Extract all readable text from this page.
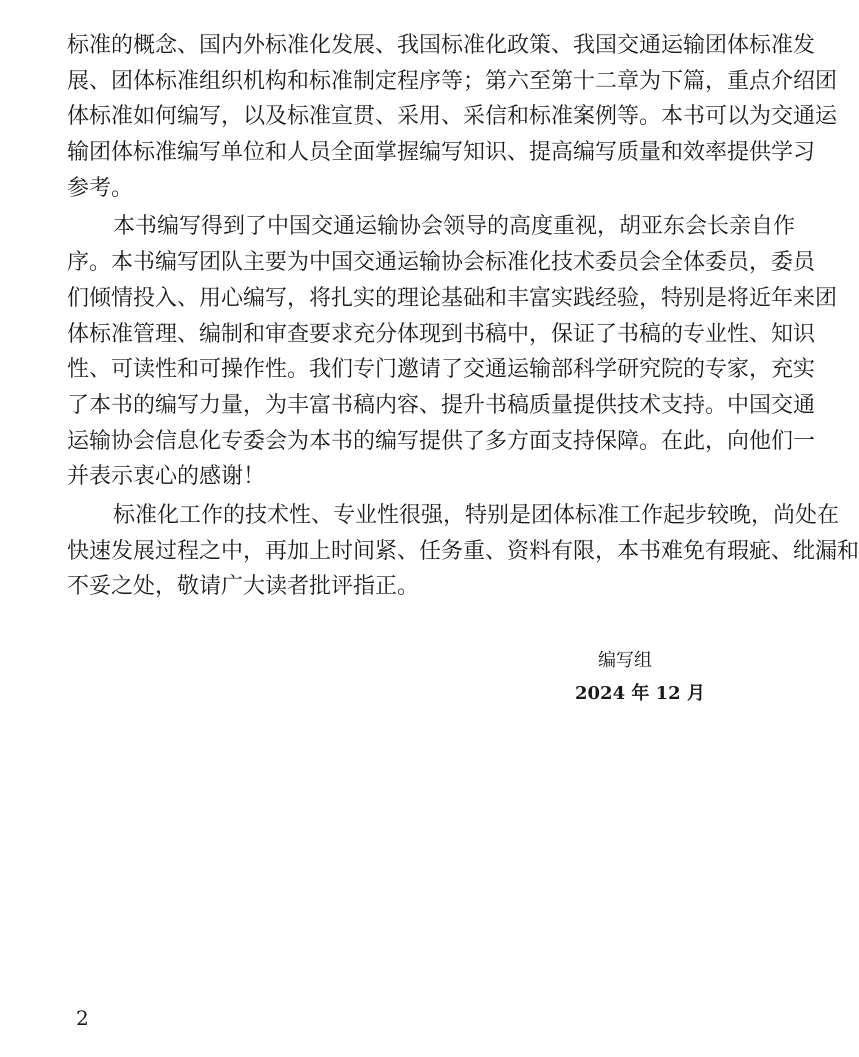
标准的概念、国内外标准化发展、我国标准化政策、我国交通运输团体标准发
展、团体标准组织机构和标准制定程序等；第六至第十二章为下篇，重点介绍团
体标准如何编写，以及标准宣贯、采用、采信和标准案例等。本书可以为交通运
输团体标准编写单位和人员全面掌握编写知识、提高编写质量和效率提供学习
参考。
本书编写得到了中国交通运输协会领导的高度重视，胡亚东会长亲自作
序。本书编写团队主要为中国交通运输协会标准化技术委员会全体委员，委员
们倾情投入、用心编写，将扎实的理论基础和丰富实践经验，特别是将近年来团
体标准管理、编制和审查要求充分体现到书稿中，保证了书稿的专业性、知识
性、可读性和可操作性。我们专门邀请了交通运输部科学研究院的专家，充实
了本书的编写力量，为丰富书稿内容、提升书稿质量提供技术支持。中国交通
运输协会信息化专委会为本书的编写提供了多方面支持保障。在此，向他们一
并表示衷心的感谢！
标准化工作的技术性、专业性很强，特别是团体标准工作起步较晚，尚处在
快速发展过程之中，再加上时间紧、任务重、资料有限，本书难免有瑕疵、纰漏和
不妥之处，敬请广大读者批评指正。
编写组
2024 年 12 月
2
